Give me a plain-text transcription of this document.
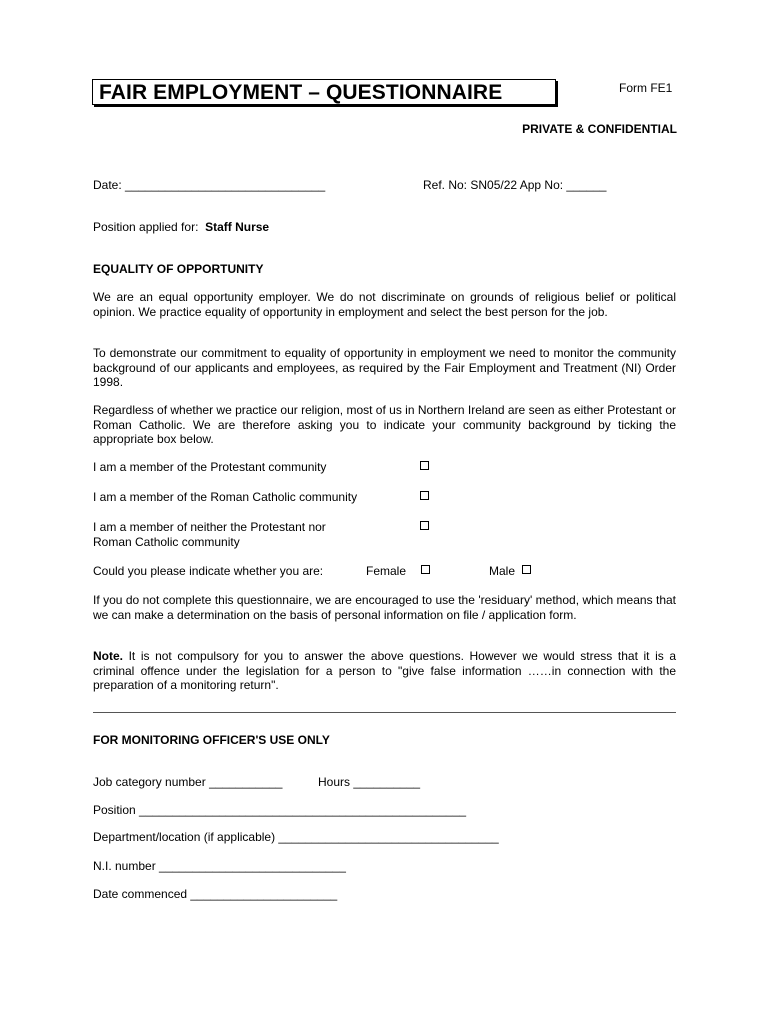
FAIR EMPLOYMENT – QUESTIONNAIRE	Form FE1
PRIVATE & CONFIDENTIAL
Date: ______________________________	Ref. No: SN05/22 App No: ______
Position applied for: Staff Nurse
EQUALITY OF OPPORTUNITY
We are an equal opportunity employer. We do not discriminate on grounds of religious belief or political opinion. We practice equality of opportunity in employment and select the best person for the job.
To demonstrate our commitment to equality of opportunity in employment we need to monitor the community background of our applicants and employees, as required by the Fair Employment and Treatment (NI) Order 1998.
Regardless of whether we practice our religion, most of us in Northern Ireland are seen as either Protestant or Roman Catholic. We are therefore asking you to indicate your community background by ticking the appropriate box below.
I am a member of the Protestant community
I am a member of the Roman Catholic community
I am a member of neither the Protestant nor
Roman Catholic community
Could you please indicate whether you are:	Female	Male
If you do not complete this questionnaire, we are encouraged to use the 'residuary' method, which means that we can make a determination on the basis of personal information on file / application form.
Note. It is not compulsory for you to answer the above questions. However we would stress that it is a criminal offence under the legislation for a person to "give false information ……in connection with the preparation of a monitoring return".
FOR MONITORING OFFICER'S USE ONLY
Job category number ___________	Hours __________
Position _________________________________________________
Department/location (if applicable) _________________________________
N.I. number ____________________________
Date commenced ______________________
